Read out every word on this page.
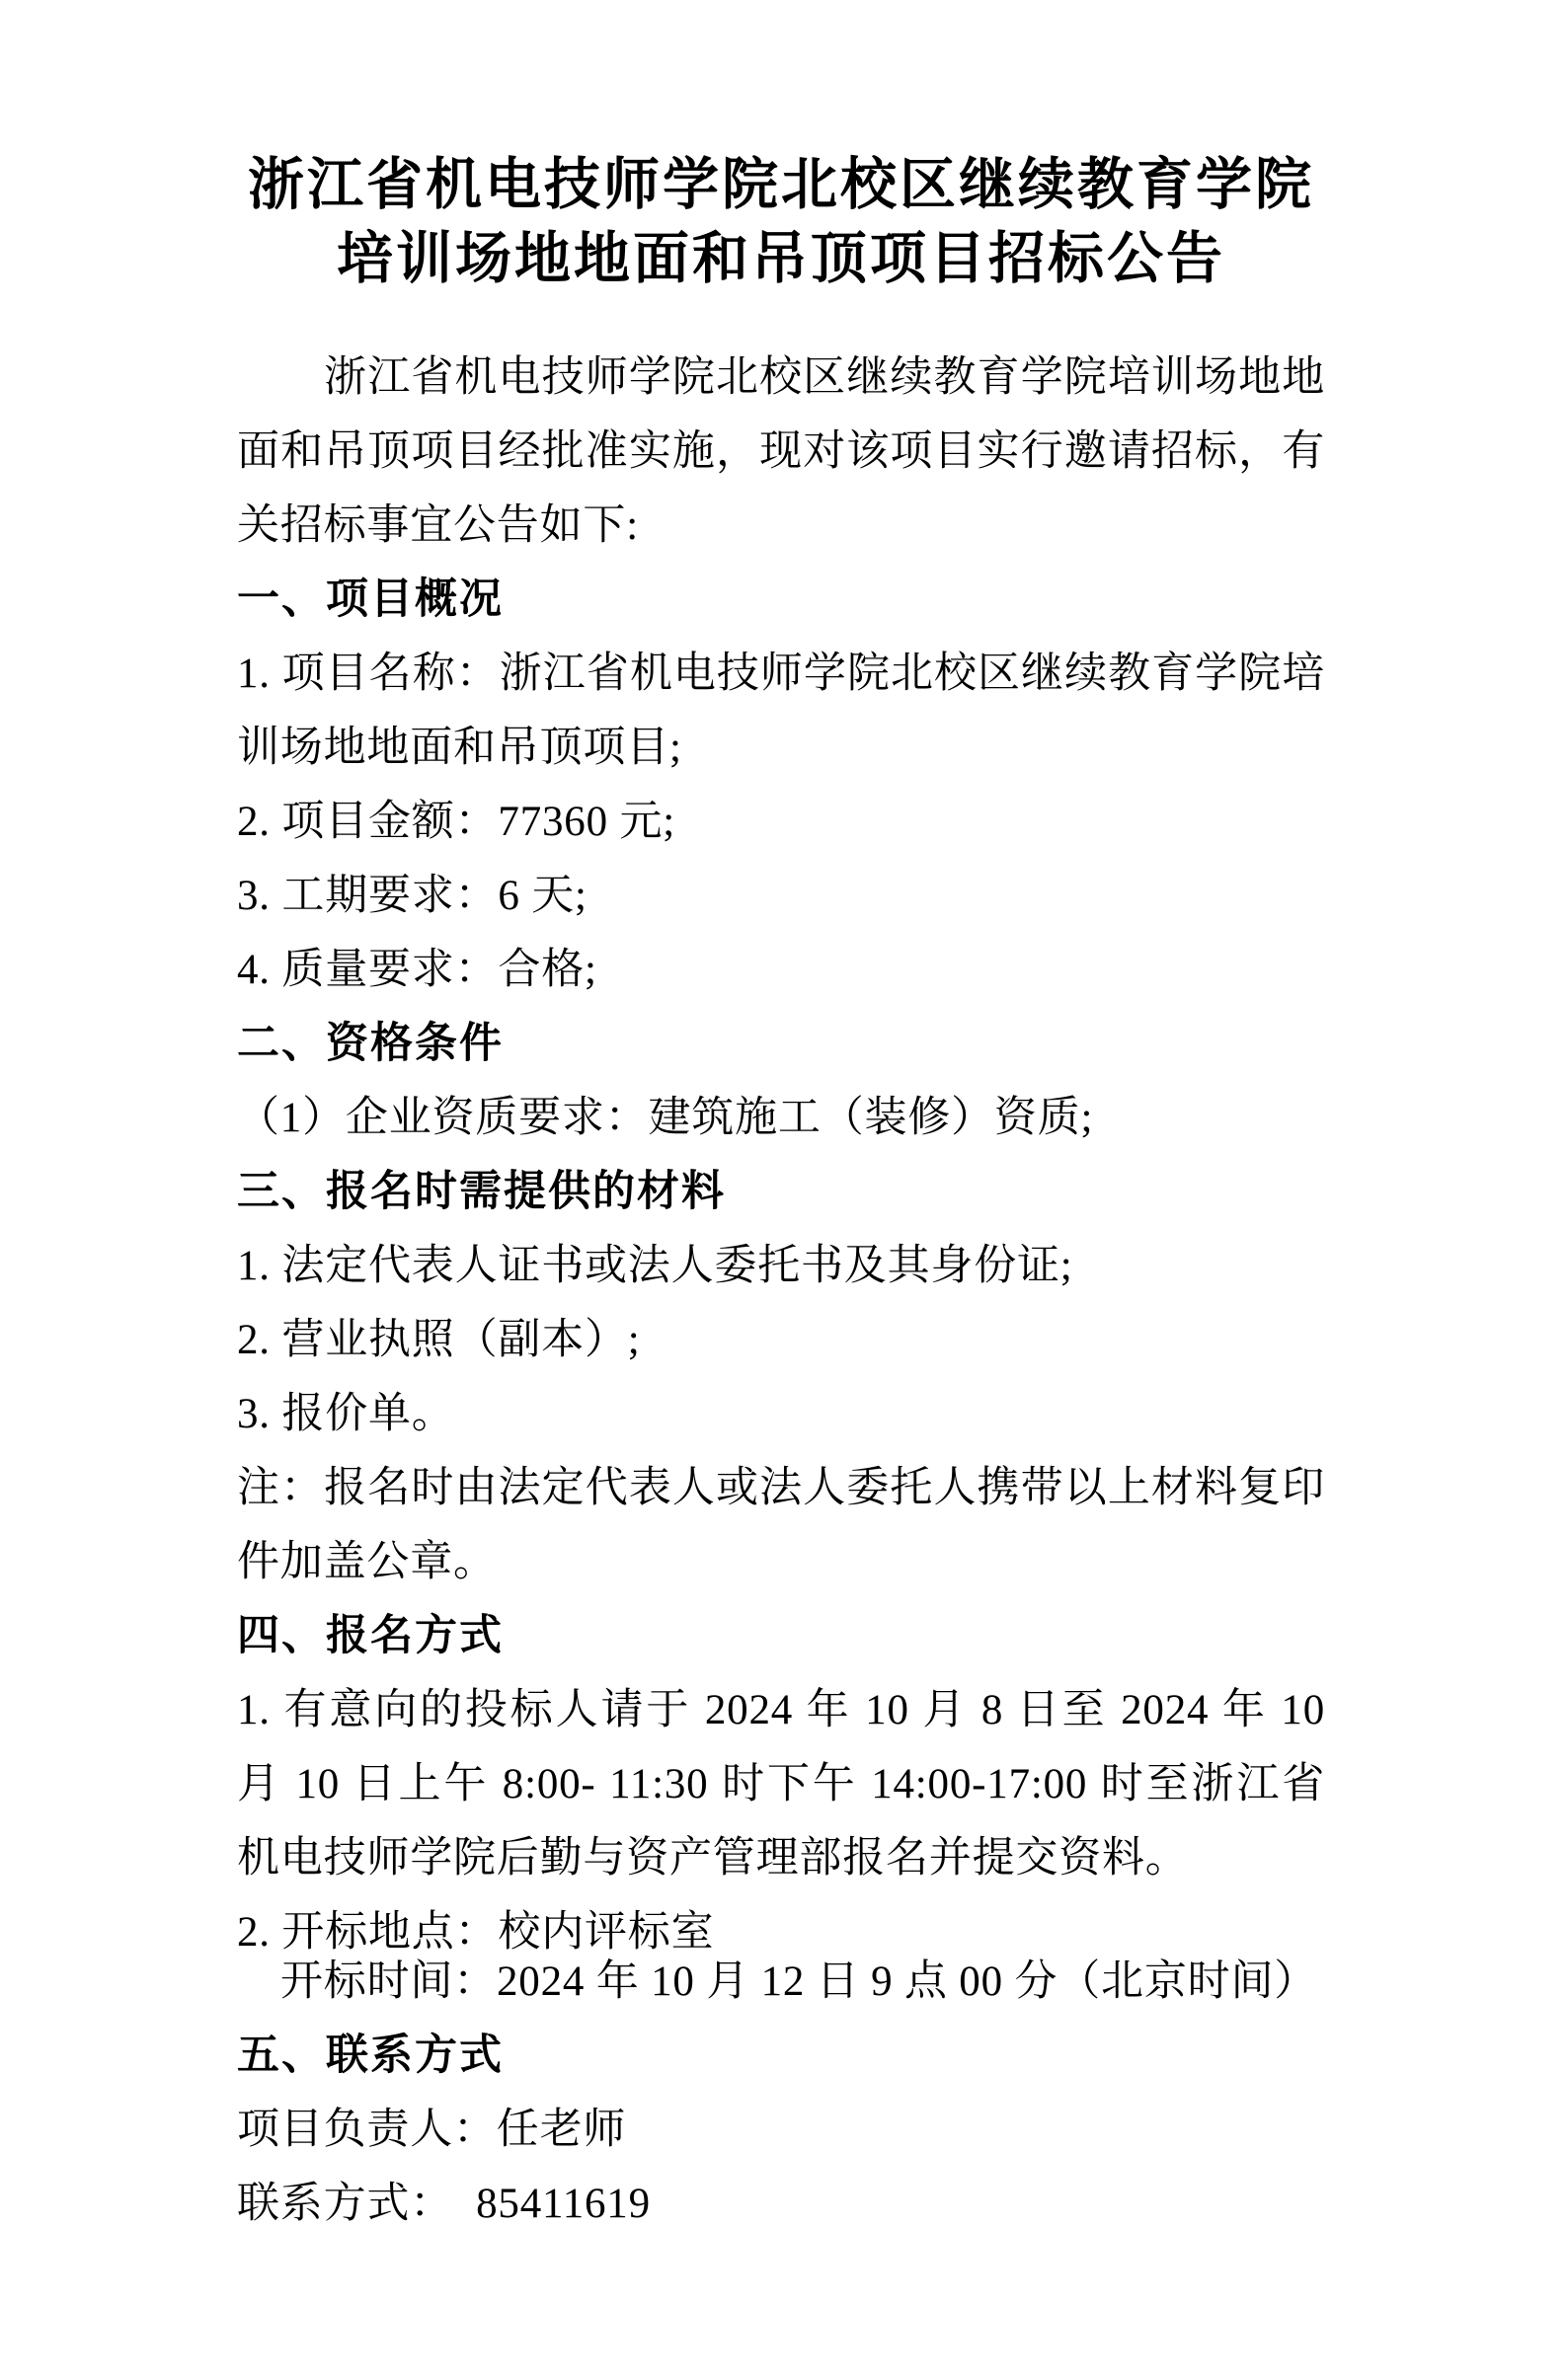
浙江省机电技师学院北校区继续教育学院
培训场地地面和吊顶项目招标公告

浙江省机电技师学院北校区继续教育学院培训场地地面和吊顶项目经批准实施，现对该项目实行邀请招标，有关招标事宜公告如下:

一、项目概况

1. 项目名称：浙江省机电技师学院北校区继续教育学院培训场地地面和吊顶项目;

2. 项目金额：77360 元;

3. 工期要求：6 天;

4. 质量要求：合格;

二、资格条件

（1）企业资质要求：建筑施工（装修）资质;

三、报名时需提供的材料

1. 法定代表人证书或法人委托书及其身份证;

2. 营业执照（副本）;

3. 报价单。

注：报名时由法定代表人或法人委托人携带以上材料复印件加盖公章。

四、报名方式

1. 有意向的投标人请于 2024 年 10 月 8 日至 2024 年 10 月 10 日上午 8:00- 11:30 时下午 14:00-17:00 时至浙江省机电技师学院后勤与资产管理部报名并提交资料。

2. 开标地点：校内评标室

开标时间：2024 年 10 月 12 日 9 点 00 分（北京时间）

五、联系方式

项目负责人：任老师

联系方式：  85411619
